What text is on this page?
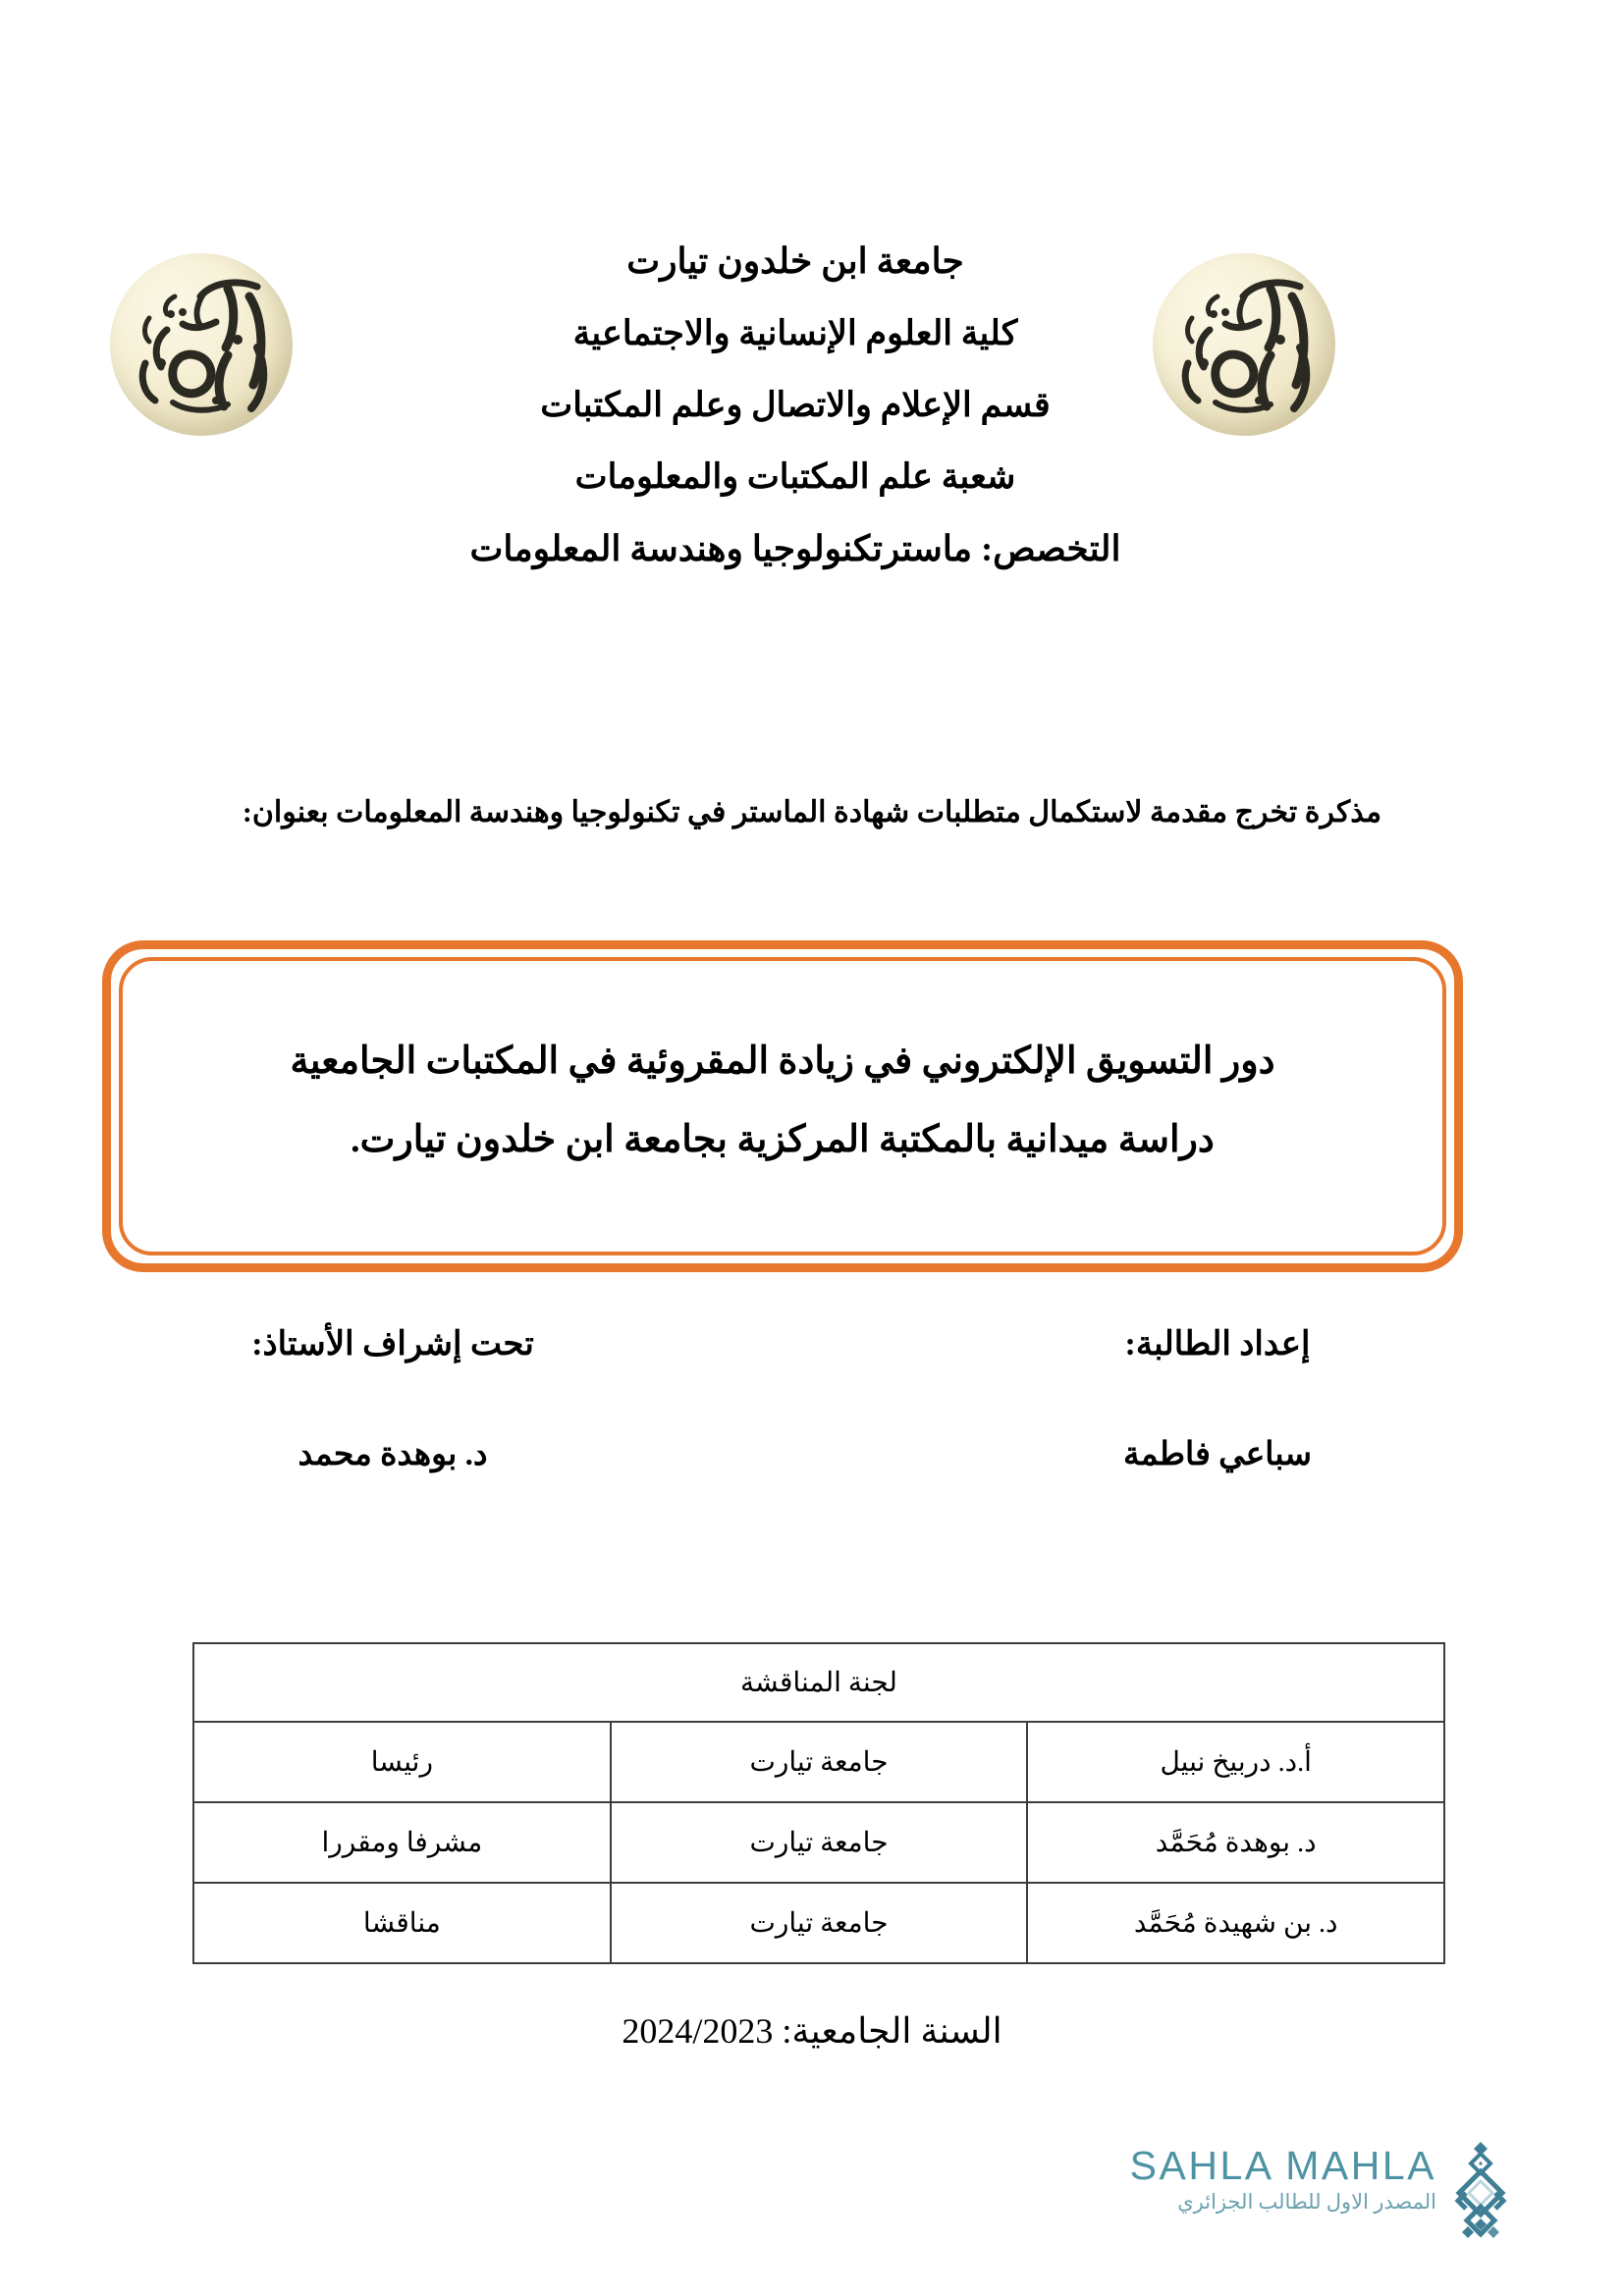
جامعة ابن خلدون تيارت
كلية العلوم الإنسانية والاجتماعية
قسم الإعلام والاتصال وعلم المكتبات
شعبة علم المكتبات والمعلومات
التخصص: ماسترتكنولوجيا وهندسة المعلومات
مذكرة تخرج مقدمة لاستكمال متطلبات شهادة الماستر في تكنولوجيا وهندسة المعلومات بعنوان:
دور التسويق الإلكتروني في زيادة المقروئية في المكتبات الجامعية
دراسة ميدانية بالمكتبة المركزية بجامعة ابن خلدون تيارت.
إعداد الطالبة:
سباعي فاطمة
تحت إشراف الأستاذ:
د. بوهدة محمد
لجنة المناقشة		
أ.د. دربيخ نبيل	جامعة تيارت	رئيسا
د. بوهدة مُحَمَّد	جامعة تيارت	مشرفا ومقررا
د. بن شهيدة مُحَمَّد	جامعة تيارت	مناقشا
السنة الجامعية: 2024/2023
SAHLA MAHLA
المصدر الاول للطالب الجزائري
